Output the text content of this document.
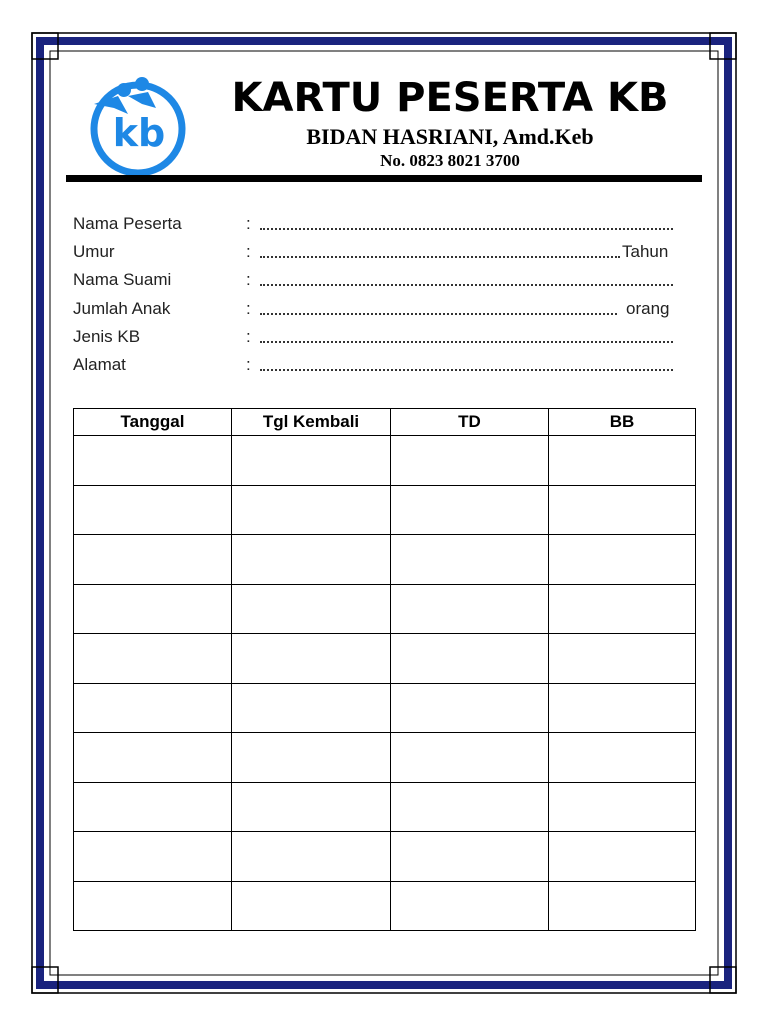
kb
KARTU PESERTA KB
BIDAN HASRIANI, Amd.Keb
No. 0823 8021 3700
Nama Peserta	:
Umur	:	Tahun
Nama Suami	:
Jumlah Anak	:	orang
Jenis KB	:
Alamat	:
Tanggal	Tgl Kembali	TD	BB
